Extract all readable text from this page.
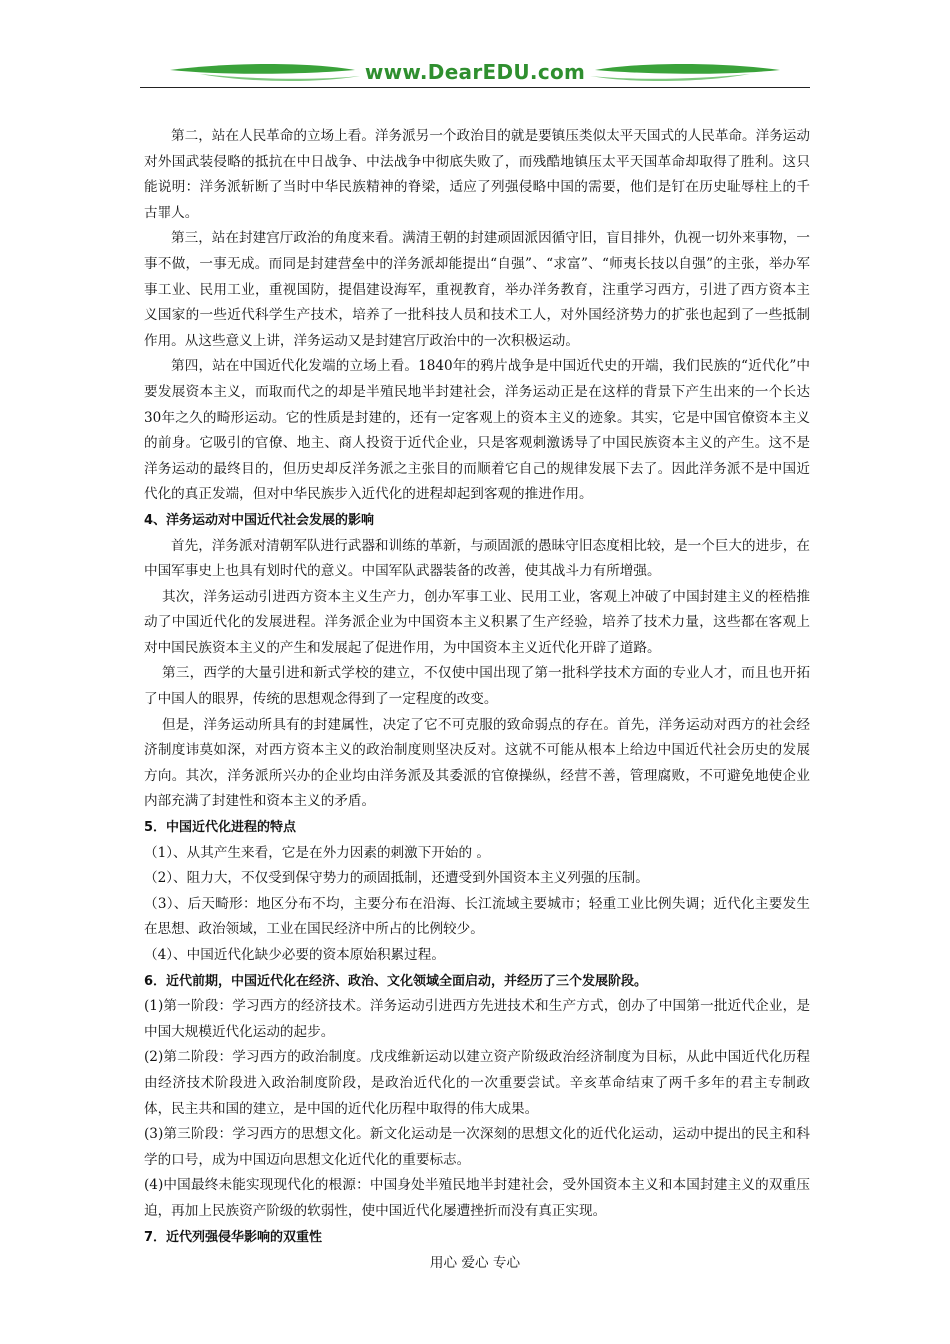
www.DearEDU.com

第二，站在人民革命的立场上看。洋务派另一个政治目的就是要镇压类似太平天国式的人民革命。洋务运动对外国武装侵略的抵抗在中日战争、中法战争中彻底失败了，而残酷地镇压太平天国革命却取得了胜利。这只能说明：洋务派斩断了当时中华民族精神的脊梁，适应了列强侵略中国的需要，他们是钉在历史耻辱柱上的千古罪人。

第三，站在封建宫厅政治的角度来看。满清王朝的封建顽固派因循守旧，盲目排外，仇视一切外来事物，一事不做，一事无成。而同是封建营垒中的洋务派却能提出“自强”、“求富”、“师夷长技以自强”的主张，举办军事工业、民用工业，重视国防，提倡建设海军，重视教育，举办洋务教育，注重学习西方，引进了西方资本主义国家的一些近代科学生产技术，培养了一批科技人员和技术工人，对外国经济势力的扩张也起到了一些抵制作用。从这些意义上讲，洋务运动又是封建宫厅政治中的一次积极运动。

第四，站在中国近代化发端的立场上看。1840年的鸦片战争是中国近代史的开端，我们民族的“近代化”中要发展资本主义，而取而代之的却是半殖民地半封建社会，洋务运动正是在这样的背景下产生出来的一个长达30年之久的畸形运动。它的性质是封建的，还有一定客观上的资本主义的迹象。其实，它是中国官僚资本主义的前身。它吸引的官僚、地主、商人投资于近代企业，只是客观刺激诱导了中国民族资本主义的产生。这不是洋务运动的最终目的，但历史却反洋务派之主张目的而顺着它自己的规律发展下去了。因此洋务派不是中国近代化的真正发端，但对中华民族步入近代化的进程却起到客观的推进作用。

4、洋务运动对中国近代社会发展的影响

首先，洋务派对清朝军队进行武器和训练的革新，与顽固派的愚昧守旧态度相比较，是一个巨大的进步，在中国军事史上也具有划时代的意义。中国军队武器装备的改善，使其战斗力有所增强。

其次，洋务运动引进西方资本主义生产力，创办军事工业、民用工业，客观上冲破了中国封建主义的桎梏推动了中国近代化的发展进程。洋务派企业为中国资本主义积累了生产经验，培养了技术力量，这些都在客观上对中国民族资本主义的产生和发展起了促进作用，为中国资本主义近代化开辟了道路。

第三，西学的大量引进和新式学校的建立，不仅使中国出现了第一批科学技术方面的专业人才，而且也开拓了中国人的眼界，传统的思想观念得到了一定程度的改变。

但是，洋务运动所具有的封建属性，决定了它不可克服的致命弱点的存在。首先，洋务运动对西方的社会经济制度讳莫如深，对西方资本主义的政治制度则坚决反对。这就不可能从根本上给边中国近代社会历史的发展方向。其次，洋务派所兴办的企业均由洋务派及其委派的官僚操纵，经营不善，管理腐败，不可避免地使企业内部充满了封建性和资本主义的矛盾。

5．中国近代化进程的特点

（1）、从其产生来看，它是在外力因素的刺激下开始的 。

（2）、阻力大，不仅受到保守势力的顽固抵制，还遭受到外国资本主义列强的压制。

（3）、后天畸形：地区分布不均，主要分布在沿海、长江流域主要城市；轻重工业比例失调；近代化主要发生在思想、政治领域，工业在国民经济中所占的比例较少。

（4）、中国近代化缺少必要的资本原始积累过程。

6．近代前期，中国近代化在经济、政治、文化领域全面启动，并经历了三个发展阶段。

(1)第一阶段：学习西方的经济技术。洋务运动引进西方先进技术和生产方式，创办了中国第一批近代企业，是中国大规模近代化运动的起步。

(2)第二阶段：学习西方的政治制度。戊戌维新运动以建立资产阶级政治经济制度为目标，从此中国近代化历程由经济技术阶段进入政治制度阶段，是政治近代化的一次重要尝试。辛亥革命结束了两千多年的君主专制政体，民主共和国的建立，是中国的近代化历程中取得的伟大成果。

(3)第三阶段：学习西方的思想文化。新文化运动是一次深刻的思想文化的近代化运动，运动中提出的民主和科学的口号，成为中国迈向思想文化近代化的重要标志。

(4)中国最终未能实现现代化的根源：中国身处半殖民地半封建社会，受外国资本主义和本国封建主义的双重压迫，再加上民族资产阶级的软弱性，使中国近代化屡遭挫折而没有真正实现。

7．近代列强侵华影响的双重性

用心 爱心 专心
